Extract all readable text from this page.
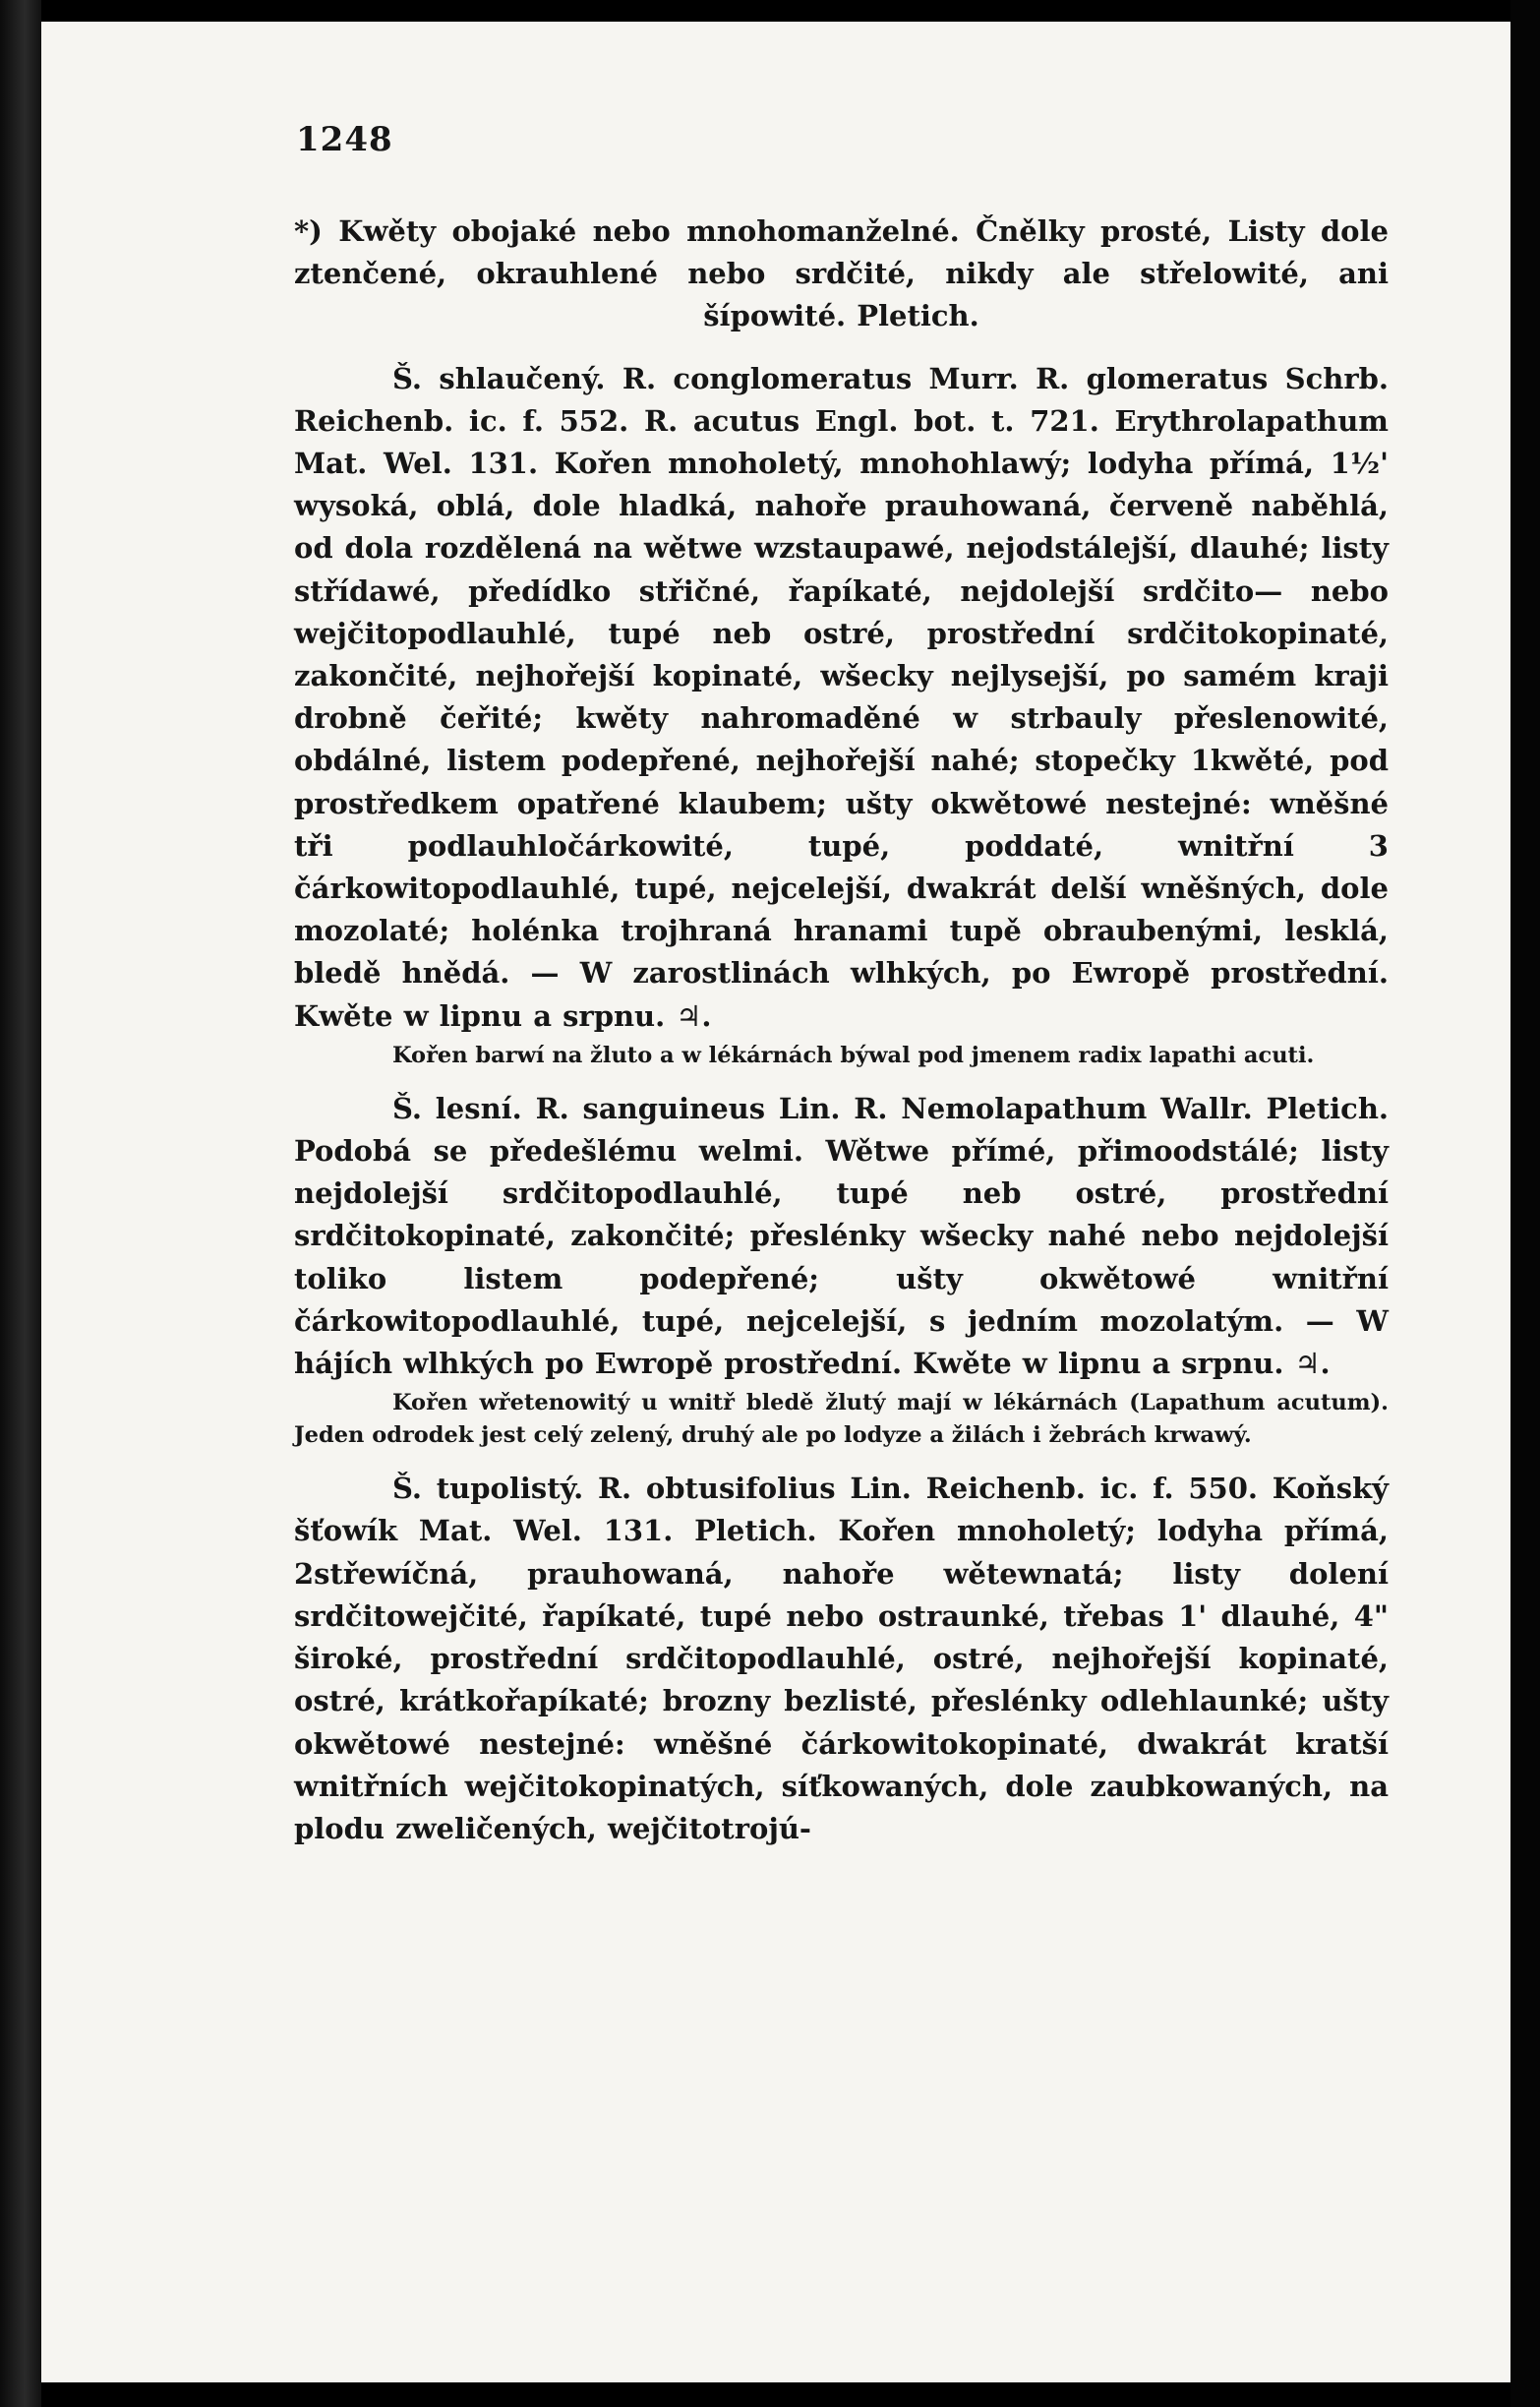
1248

*) Kwěty obojaké nebo mnohomanželné. Čnělky prosté, Listy dole ztenčené, okrauhlené nebo srdčité, nikdy ale střelowité, ani šípowité. Pletich.

Š. shlaučený. R. conglomeratus Murr. R. glomeratus Schrb. Reichenb. ic. f. 552. R. acutus Engl. bot. t. 721. Erythrolapathum Mat. Wel. 131. Kořen mnoholetý, mnohohlawý; lodyha přímá, 1½' wysoká, oblá, dole hladká, nahoře prauhowaná, červeně naběhlá, od dola rozdělená na wětwe wzstaupawé, nejodstálejší, dlauhé; listy střídawé, předídko střičné, řapíkaté, nejdolejší srdčito— nebo wejčitopodlauhlé, tupé neb ostré, prostřední srdčitokopinaté, zakončité, nejhořejší kopinaté, wšecky nejlysejší, po samém kraji drobně čeřité; kwěty nahromaděné w strbauly přeslenowité, obdálné, listem podepřené, nejhořejší nahé; stopečky 1kwěté, pod prostředkem opatřené klaubem; ušty okwětowé nestejné: wněšné tři podlauhločárkowité, tupé, poddaté, wnitřní 3 čárkowitopodlauhlé, tupé, nejcelejší, dwakrát delší wněšných, dole mozolaté; holénka trojhraná hranami tupě obraubenými, lesklá, bledě hnědá. — W zarostlinách wlhkých, po Ewropě prostřední. Kwěte w lipnu a srpnu. ♃.

Kořen barwí na žluto a w lékárnách býwal pod jmenem radix lapathi acuti.

Š. lesní. R. sanguineus Lin. R. Nemolapathum Wallr. Pletich. Podobá se předešlému welmi. Wětwe přímé, přimoodstálé; listy nejdolejší srdčitopodlauhlé, tupé neb ostré, prostřední srdčitokopinaté, zakončité; přeslénky wšecky nahé nebo nejdolejší toliko listem podepřené; ušty okwětowé wnitřní čárkowitopodlauhlé, tupé, nejcelejší, s jedním mozolatým. — W hájích wlhkých po Ewropě prostřední. Kwěte w lipnu a srpnu. ♃.

Kořen wřetenowitý u wnitř bledě žlutý mají w lékárnách (Lapathum acutum). Jeden odrodek jest celý zelený, druhý ale po lodyze a žilách i žebrách krwawý.

Š. tupolistý. R. obtusifolius Lin. Reichenb. ic. f. 550. Koňský šťowík Mat. Wel. 131. Pletich. Kořen mnoholetý; lodyha přímá, 2střewíčná, prauhowaná, nahoře wětewnatá; listy dolení srdčitowejčité, řapíkaté, tupé nebo ostraunké, třebas 1' dlauhé, 4" široké, prostřední srdčitopodlauhlé, ostré, nejhořejší kopinaté, ostré, krátkořapíkaté; brozny bezlisté, přeslénky odlehlaunké; ušty okwětowé nestejné: wněšné čárkowitokopinaté, dwakrát kratší wnitřních wejčitokopinatých, síťkowaných, dole zaubkowaných, na plodu zweličených, wejčitotrojú-
